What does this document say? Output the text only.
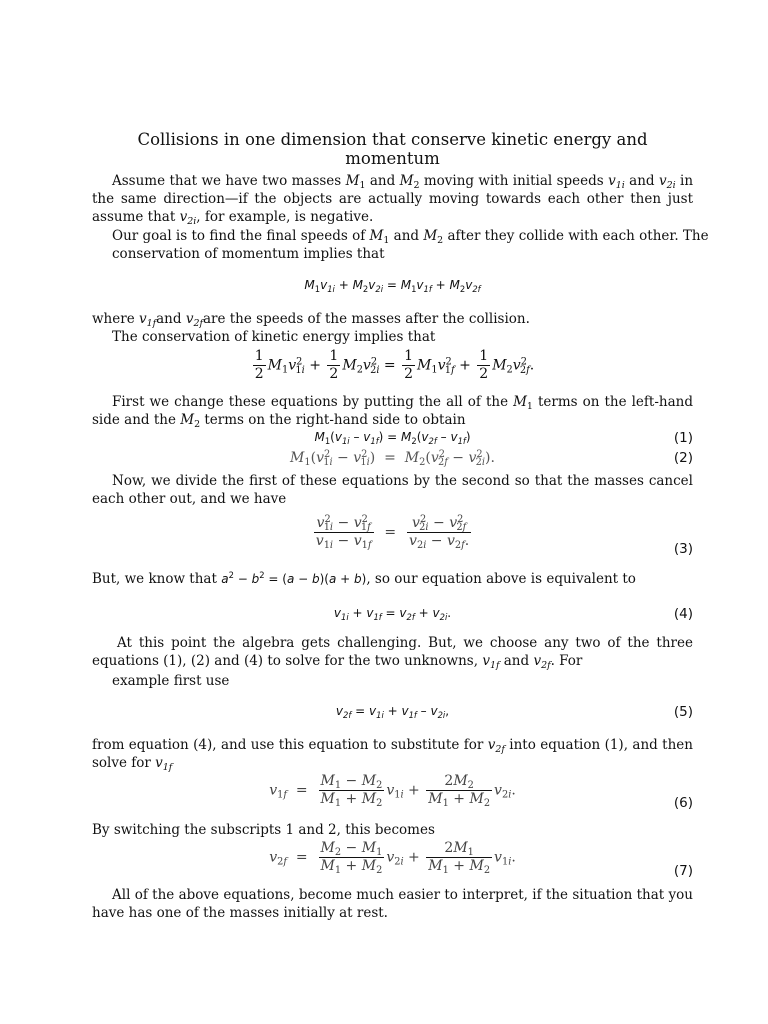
Collisions in one dimension that conserve kinetic energy and momentum

Assume that we have two masses $M_1$ and $M_2$ moving with initial speeds $v_{1i}$ and $v_{2i}$ in the same direction—if the objects are actually moving towards each other then just assume that $v_{2i}$, for example, is negative.

Our goal is to find the final speeds of $M_1$ and $M_2$ after they collide with each other. The
conservation of momentum implies that
$M_1v_{1i} + M_2v_{2i} = M_1v_{1f} + M_2v_{2f}$
where $v_{1f}and$ $v_{2f}are$ the speeds of the masses after the collision.
The conservation of kinetic energy implies that
$\frac{1}{2} M_1v^2_{1i} + \frac{1}{2} M_2v^2_{2i} = \frac{1}{2} M_1v^2_{1f} + \frac{1}{2} M_2v^2_{2f}$.

First we change these equations by putting the all of the $M_1$ terms on the left-hand side and the $M_2$ terms on the right-hand side to obtain

$M_1(v_{1i} - v_{1f}) = M_2(v_{2f} - v_{1f})$	(1)
$M_1(v^2_{1i} - v^2_{1i}) = M_2(v^2_{2f} - v^2_{2i})$.	(2)

Now, we divide the first of these equations by the second so that the masses cancel each other out, and we have

$\frac{v^2_{1i} - v^2_{1f}}{v_{1i} - v_{1f}} = \frac{v^2_{2i} - v^2_{2f}}{v_{2i} - v_{2f}.}$	(3)
But, we know that $a^2 - b^2 = (a - b)(a + b)$, so our equation above is equivalent to
$v_{1i} + v_{1f} = v_{2f} + v_{2i}$.	(4)

At this point the algebra gets challenging. But, we choose any two of the three equations (1), (2) and (4) to solve for the two unknowns, $v_{1f}$ and $v_{2f}$. For

example first use
$v_{2f} = v_{1i} + v_{1f} - v_{2i}$,	(5)

from equation (4), and use this equation to substitute for $v_{2f}$ into equation (1), and then solve for $v_{1f}$

$v_{1f} = \frac{M_1 - M_2}{M_1 + M_2} v_{1i} + \frac{2M_2}{M_1 + M_2} v_{2i}$.
(6)
By switching the subscripts 1 and 2, this becomes
$v_{2f} = \frac{M_2 - M_1}{M_1 + M_2} v_{2i} + \frac{2M_1}{M_1 + M_2} v_{1i}$.
(7)

All of the above equations, become much easier to interpret, if the situation that you have has one of the masses initially at rest.
